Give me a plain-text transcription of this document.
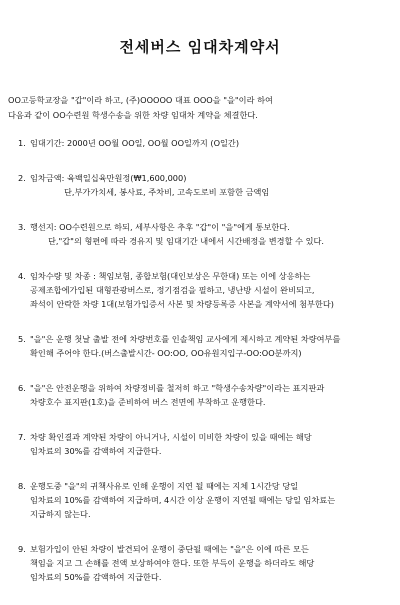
전세버스 임대차계약서

OO고등학교장을 "갑"이라 하고, (주)OOOOO 대표 OOO을 "을"이라 하여

다음과 같이 OO수련원 학생수송을 위한 차량 임대차 계약을 체결한다.

1. 임대기간: 2000년 OO월 OO일, OO월 OO일까지 (O일간)

2. 임차금액: 육백일십육만원정(₩1,600,000)

단,부가가치세, 봉사료, 주차비, 고속도로비 포함한 금액임

3. 행선지: OO수련원으로 하되, 세부사항은 추후 "갑"이 "을"에게 통보한다.

단,"갑"의 형편에 따라 경유지 및 임대기간 내에서 시간배정을 변경할 수 있다.

4. 임차수량 및 차종 : 책임보험, 종합보험(대인보상은 무한대) 또는 이에 상응하는

공제조합에가입된 대형관광버스로, 정기점검을 필하고, 냉난방 시설이 완비되고,

좌석이 안락한 차량 1대(보험가입증서 사본 및 차량등록증 사본을 계약서에 첨부한다)

5. "을"은 운행 첫날 출발 전에 차량번호를 인솔책임 교사에게 제시하고 계약된 차량여부를

확인해 주어야 한다.(버스출발시간- OO:OO, OO유원지입구-OO:OO분까지)

6. "을"은 안전운행을 위하여 차량정비를 철저히 하고 "학생수송차량"이라는 표지판과

차량호수 표지판(1호)을 준비하여 버스 전면에 부착하고 운행한다.

7. 차량 확인결과 계약된 차량이 아니거나, 시설이 미비한 차량이 있을 때에는 해당

임차료의 30%를 감액하여 지급한다.

8. 운행도중 "을"의 귀책사유로 인해 운행이 지연 될 때에는 지체 1시간당 당일

임차료의 10%를 감액하여 지급하며, 4시간 이상 운행이 지연될 때에는 당일 임차료는

지급하지 않는다.

9. 보험가입이 안된 차량이 발견되어 운행이 중단될 때에는 "을"은 이에 따른 모든

책임을 지고 그 손해를 전액 보상하여야 한다. 또한 부득이 운행을 하더라도 해당

임차료의 50%를 감액하여 지급한다.
